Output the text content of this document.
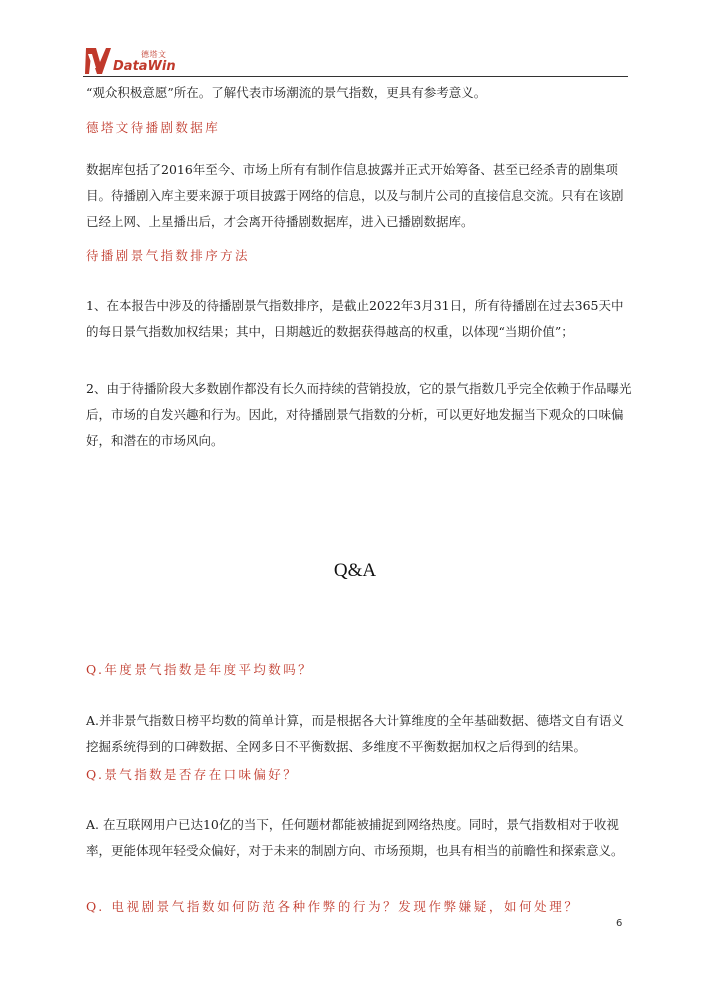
德塔文
DataWin
“观众积极意愿”所在。了解代表市场潮流的景气指数，更具有参考意义。
德塔文待播剧数据库
数据库包括了2016年至今、市场上所有有制作信息披露并正式开始筹备、甚至已经杀青的剧集项目。待播剧入库主要来源于项目披露于网络的信息，以及与制片公司的直接信息交流。只有在该剧已经上网、上星播出后，才会离开待播剧数据库，进入已播剧数据库。
待播剧景气指数排序方法
1、在本报告中涉及的待播剧景气指数排序，是截止2022年3月31日，所有待播剧在过去365天中的每日景气指数加权结果；其中，日期越近的数据获得越高的权重，以体现“当期价值”；
2、由于待播阶段大多数剧作都没有长久而持续的营销投放，它的景气指数几乎完全依赖于作品曝光后，市场的自发兴趣和行为。因此，对待播剧景气指数的分析，可以更好地发掘当下观众的口味偏好，和潜在的市场风向。
Q&A
Q.年度景气指数是年度平均数吗？
A.并非景气指数日榜平均数的简单计算，而是根据各大计算维度的全年基础数据、德塔文自有语义挖掘系统得到的口碑数据、全网多日不平衡数据、多维度不平衡数据加权之后得到的结果。
Q.景气指数是否存在口味偏好？
A. 在互联网用户已达10亿的当下，任何题材都能被捕捉到网络热度。同时，景气指数相对于收视率，更能体现年轻受众偏好，对于未来的制剧方向、市场预期，也具有相当的前瞻性和探索意义。
Q. 电视剧景气指数如何防范各种作弊的行为？发现作弊嫌疑，如何处理？
6
